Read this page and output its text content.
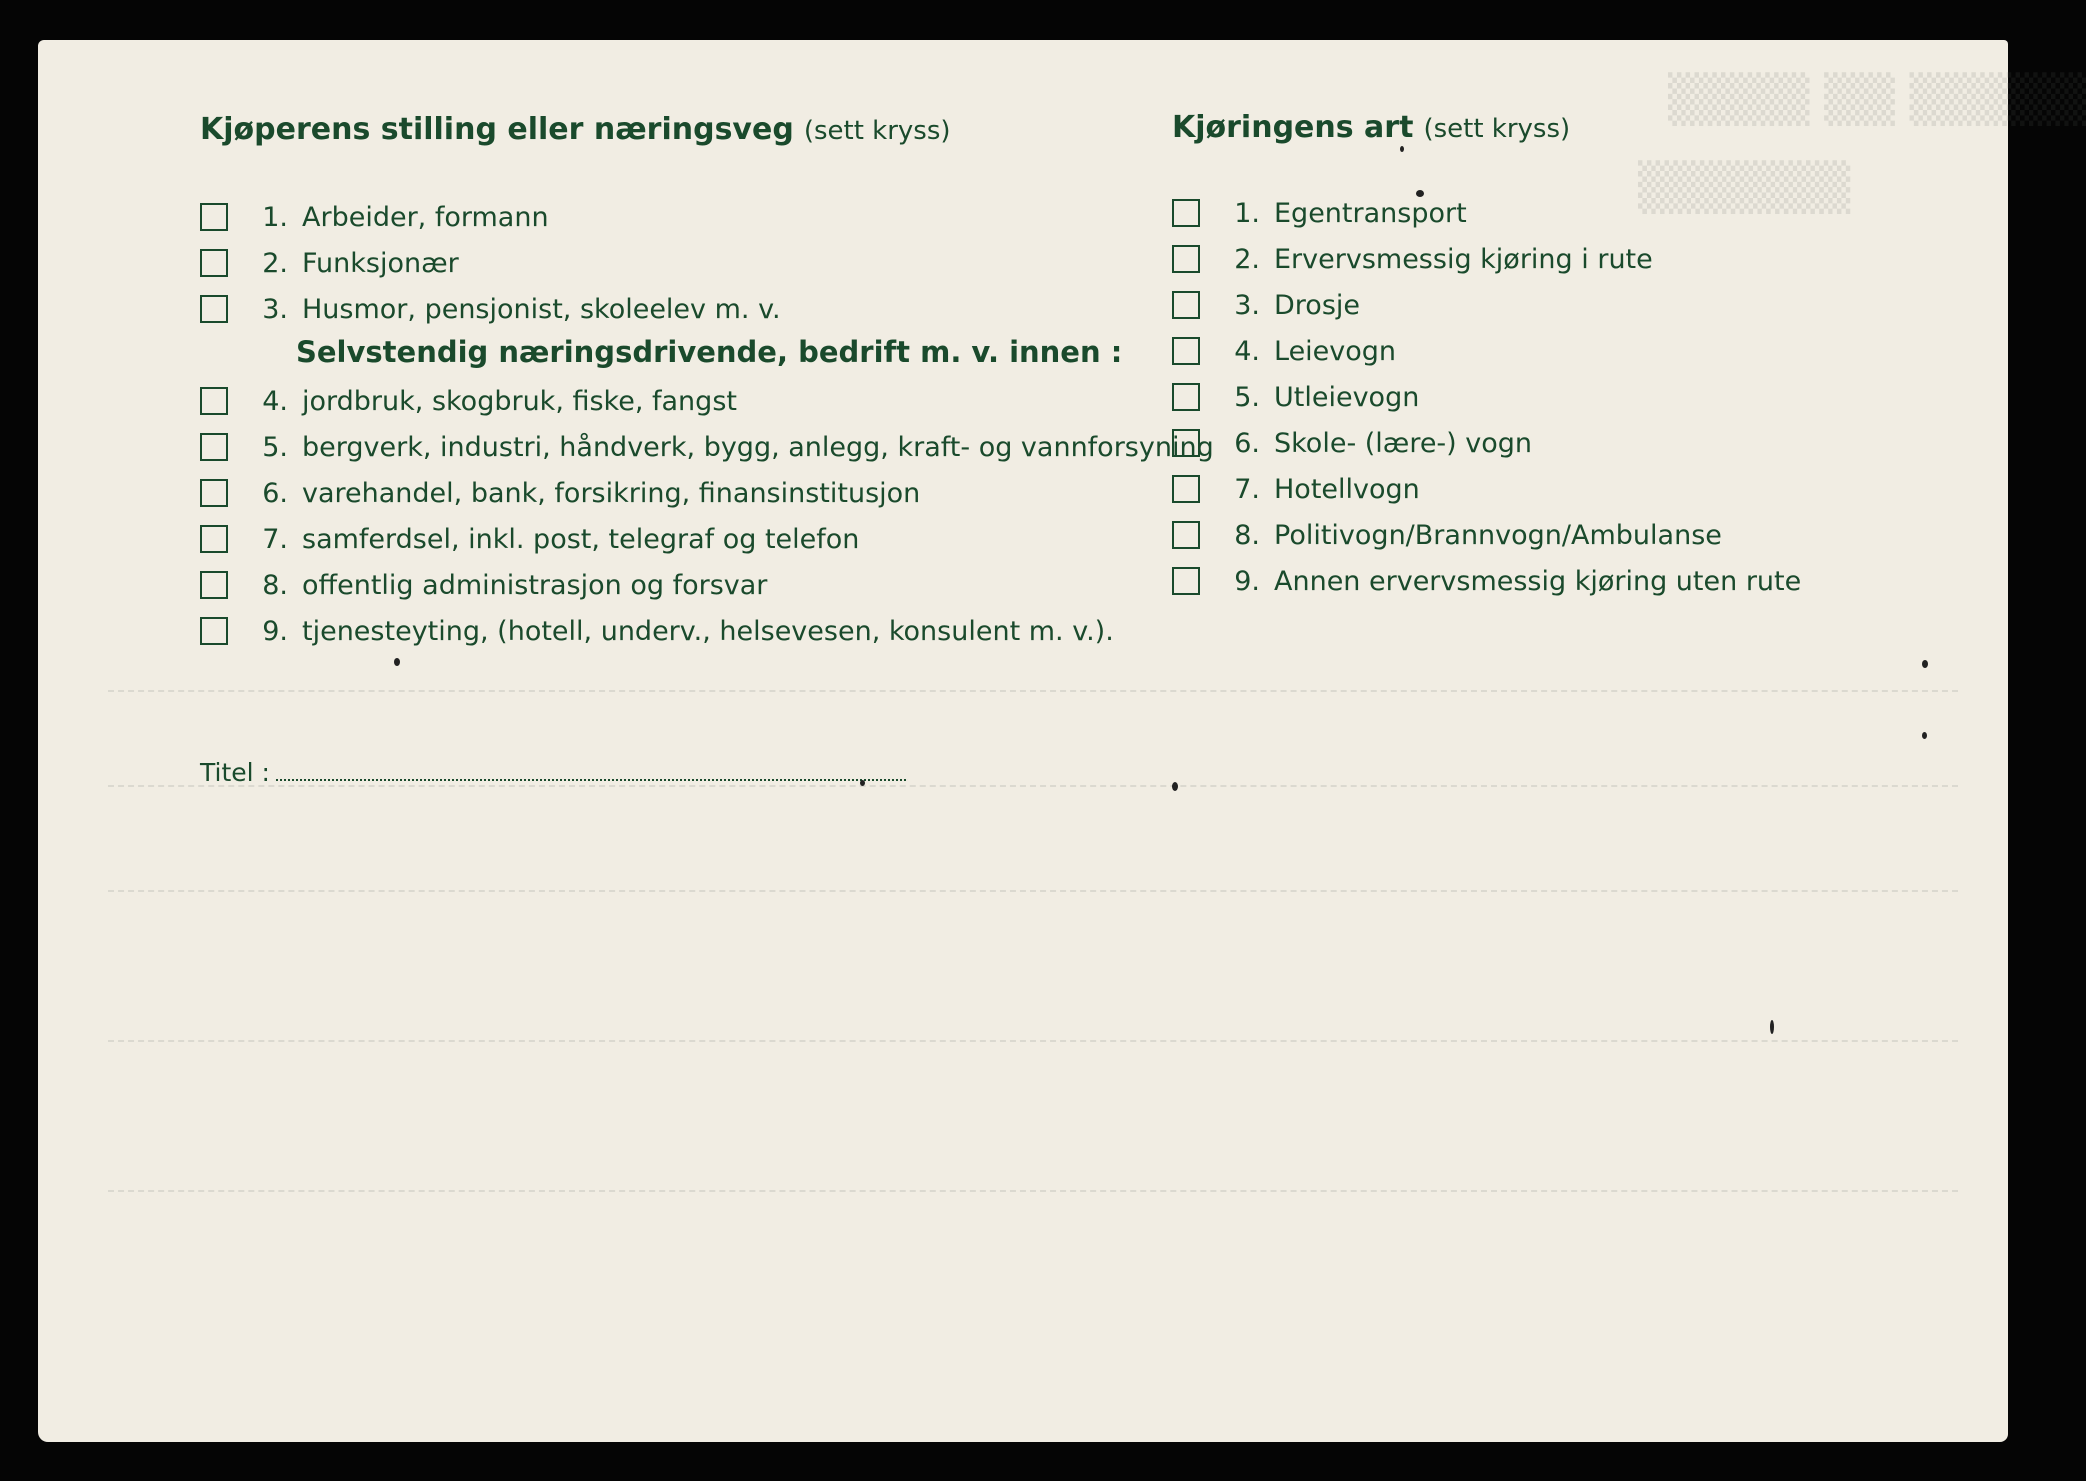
▒▒▒▒ ▒▒ ▒▒▒▒▒
▒▒▒▒▒▒
Kjøperens stilling eller næringsveg (sett kryss)
1. Arbeider, formann
2. Funksjonær
3. Husmor, pensjonist, skoleelev m. v.
Selvstendig næringsdrivende, bedrift m. v. innen :
4. jordbruk, skogbruk, fiske, fangst
5. bergverk, industri, håndverk, bygg, anlegg, kraft- og vannforsyning
6. varehandel, bank, forsikring, finansinstitusjon
7. samferdsel, inkl. post, telegraf og telefon
8. offentlig administrasjon og forsvar
9. tjenesteyting, (hotell, underv., helsevesen, konsulent m. v.).
Titel :
Kjøringens art (sett kryss)
1. Egentransport
2. Ervervsmessig kjøring i rute
3. Drosje
4. Leievogn
5. Utleievogn
6. Skole- (lære-) vogn
7. Hotellvogn
8. Politivogn/Brannvogn/Ambulanse
9. Annen ervervsmessig kjøring uten rute
